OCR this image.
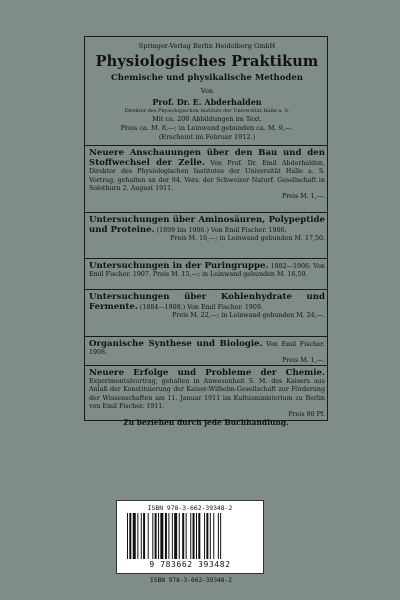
Springer-Verlag Berlin Heidelberg GmbH
Physiologisches Praktikum
Chemische und physikalische Methoden
Von
Prof. Dr. E. Abderhalden
Direktor des Physiologischen Instituts der Universität Halle a. S.
Mit ca. 200 Abbildungen im Text.
Preis ca. M. 8,—; in Leinwand gebunden ca. M. 9,—.
(Erscheint im Februar 1912.)
Neuere Anschauungen über den Bau und den Stoffwechsel der Zelle. Von Prof. Dr. Emil Abderhalden, Direktor des Physiologischen Institutes der Universität Halle a. S. Vortrag, gehalten an der 94. Vers. der Schweizer Naturf. Gesellschaft in Solothurn 2. August 1911.
Preis M. 1,—.
Untersuchungen über Aminosäuren, Polypeptide und Proteine. (1899 bis 1906.) Von Emil Fischer. 1906.
Preis M. 16,—; in Leinwand gebunden M. 17,50.
Untersuchungen in der Puringruppe. 1882—1906. Von Emil Fischer. 1907. Preis M. 15,—; in Leinwand gebunden M. 16,50.
Untersuchungen über Kohlenhydrate und Fermente. (1884—1908.) Von Emil Fischer. 1909.
Preis M. 22,—; in Leinwand gebunden M. 24,—.
Organische Synthese und Biologie. Von Emil Fischer. 1908.
Preis M. 1,—.
Neuere Erfolge und Probleme der Chemie. Experimentalvortrag, gehalten in Anwesenheit S. M. des Kaisers aus Anlaß der Konstituierung der Kaiser-Wilhelm-Gesellschaft zur Förderung der Wissenschaften am 11. Januar 1911 im Kultusministerium zu Berlin von Emil Fischer. 1911.
Preis 80 Pf.
Zu beziehen durch jede Buchhandlung.
ISBN 978-3-662-39348-2
9 783662 393482
ISBN 978-3-662-39348-2
